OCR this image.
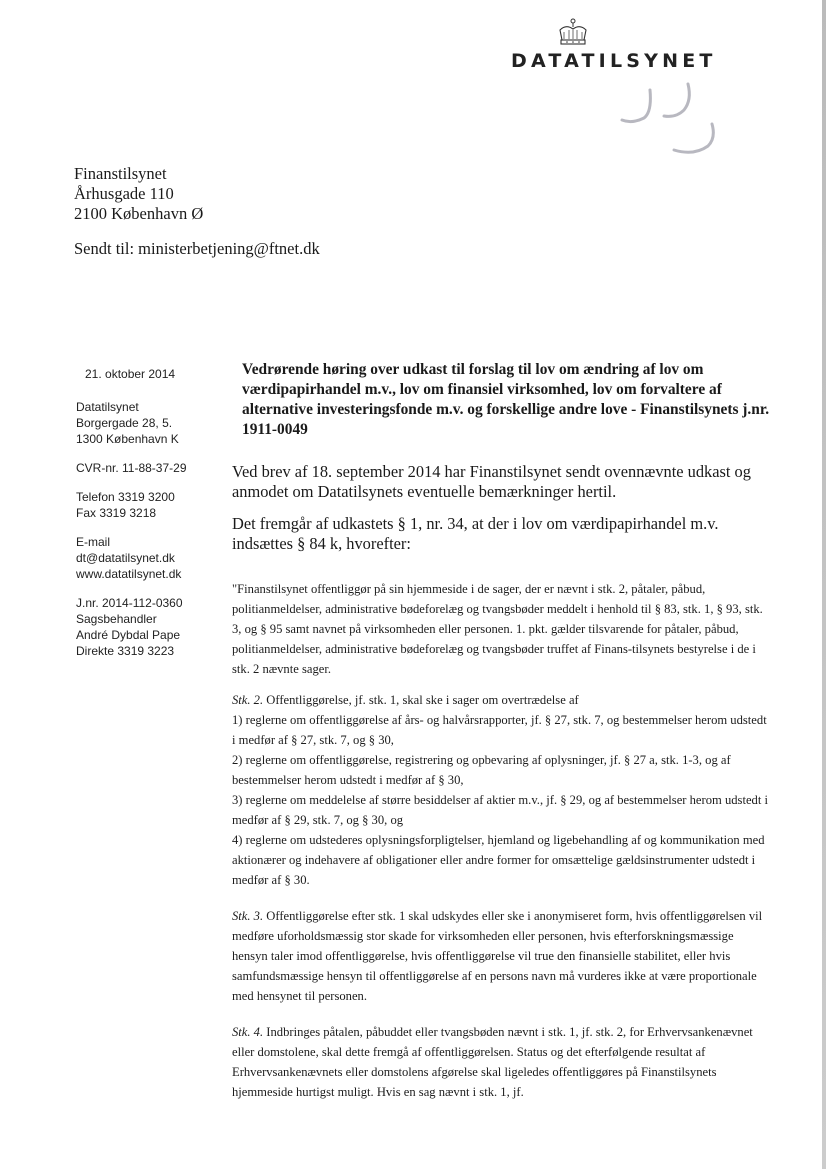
DATATILSYNET
Finanstilsynet
Århusgade 110
2100 København Ø
Sendt til: ministerbetjening@ftnet.dk
21. oktober 2014
Datatilsynet
Borgergade 28, 5.
1300 København K
CVR-nr. 11-88-37-29
Telefon 3319 3200
Fax 3319 3218
E-mail
dt@datatilsynet.dk
www.datatilsynet.dk
J.nr. 2014-112-0360
Sagsbehandler
André Dybdal Pape
Direkte 3319 3223
Vedrørende høring over udkast til forslag til lov om ændring af lov om værdipapirhandel m.v., lov om finansiel virksomhed, lov om forvaltere af alternative investeringsfonde m.v. og forskellige andre love - Finanstilsynets j.nr. 1911-0049

Ved brev af 18. september 2014 har Finanstilsynet sendt ovennævnte udkast og anmodet om Datatilsynets eventuelle bemærkninger hertil.

Det fremgår af udkastets § 1, nr. 34, at der i lov om værdipapirhandel m.v. indsættes § 84 k, hvorefter:

"Finanstilsynet offentliggør på sin hjemmeside i de sager, der er nævnt i stk. 2, påtaler, påbud, politianmeldelser, administrative bødeforelæg og tvangsbøder meddelt i henhold til § 83, stk. 1, § 93, stk. 3, og § 95 samt navnet på virksomheden eller personen. 1. pkt. gælder tilsvarende for påtaler, påbud, politianmeldelser, administrative bødeforelæg og tvangsbøder truffet af Finans-tilsynets bestyrelse i de i stk. 2 nævnte sager.

Stk. 2. Offentliggørelse, jf. stk. 1, skal ske i sager om overtrædelse af
1) reglerne om offentliggørelse af års- og halvårsrapporter, jf. § 27, stk. 7, og bestemmelser herom udstedt i medfør af § 27, stk. 7, og § 30,
2) reglerne om offentliggørelse, registrering og opbevaring af oplysninger, jf. § 27 a, stk. 1-3, og af bestemmelser herom udstedt i medfør af § 30,
3) reglerne om meddelelse af større besiddelser af aktier m.v., jf. § 29, og af bestemmelser herom udstedt i medfør af § 29, stk. 7, og § 30, og
4) reglerne om udstederes oplysningsforpligtelser, hjemland og ligebehandling af og kommunikation med aktionærer og indehavere af obligationer eller andre former for omsættelige gældsinstrumenter udstedt i medfør af § 30.

Stk. 3. Offentliggørelse efter stk. 1 skal udskydes eller ske i anonymiseret form, hvis offentliggørelsen vil medføre uforholdsmæssig stor skade for virksomheden eller personen, hvis efterforskningsmæssige hensyn taler imod offentliggørelse, hvis offentliggørelse vil true den finansielle stabilitet, eller hvis samfundsmæssige hensyn til offentliggørelse af en persons navn må vurderes ikke at være proportionale med hensynet til personen.

Stk. 4. Indbringes påtalen, påbuddet eller tvangsbøden nævnt i stk. 1, jf. stk. 2, for Erhvervsankenævnet eller domstolene, skal dette fremgå af offentliggørelsen. Status og det efterfølgende resultat af Erhvervsankenævnets eller domstolens afgørelse skal ligeledes offentliggøres på Finanstilsynets hjemmeside hurtigst muligt. Hvis en sag nævnt i stk. 1, jf.
